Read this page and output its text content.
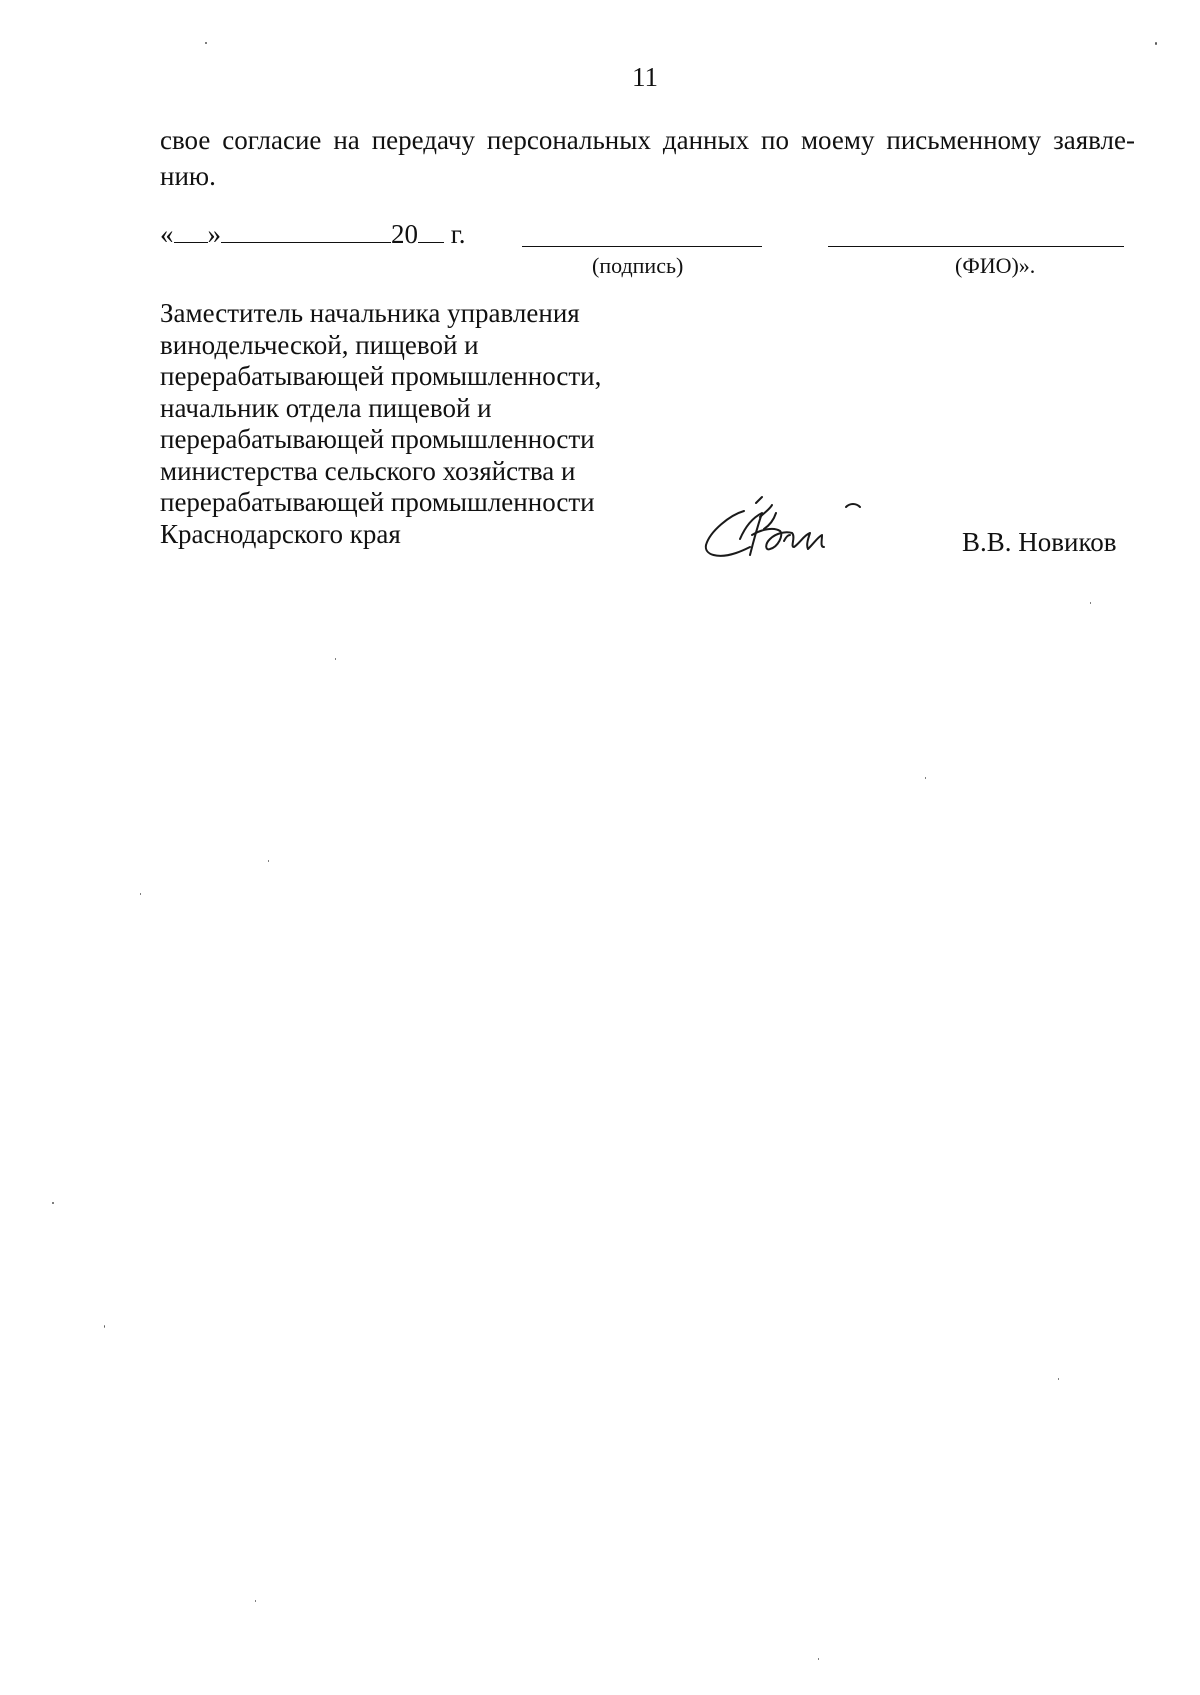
11
свое согласие на передачу персональных данных по моему письменному заявле-
нию.
« »	20 г.
(подпись)	(ФИО)».
Заместитель начальника управления
винодельческой, пищевой и
перерабатывающей промышленности,
начальник отдела пищевой и
перерабатывающей промышленности
министерства сельского хозяйства и
перерабатывающей промышленности
Краснодарского края	В.В. Новиков
